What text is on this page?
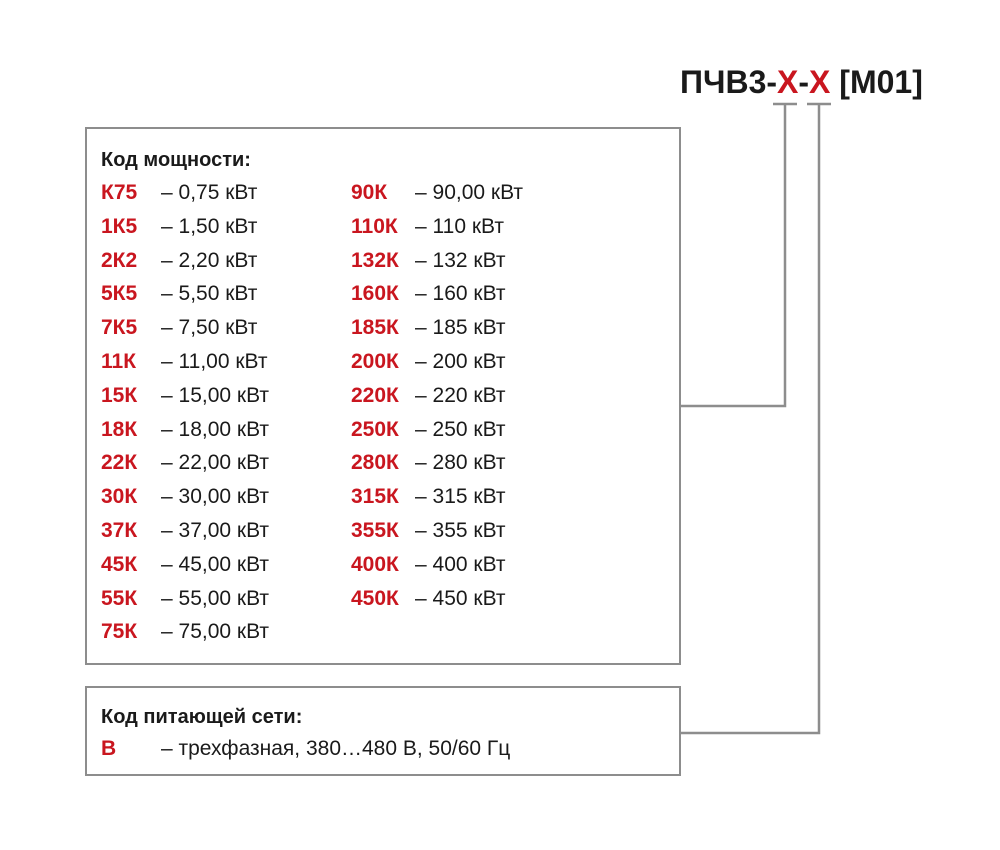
ПЧВ3-Х-Х [М01]
Код мощности:
К75 – 0,75 кВт
1К5 – 1,50 кВт
2К2 – 2,20 кВт
5К5 – 5,50 кВт
7К5 – 7,50 кВт
11К – 11,00 кВт
15К – 15,00 кВт
18К – 18,00 кВт
22К – 22,00 кВт
30К – 30,00 кВт
37К – 37,00 кВт
45К – 45,00 кВт
55К – 55,00 кВт
75К – 75,00 кВт
90К – 90,00 кВт
110К – 110 кВт
132К – 132 кВт
160К – 160 кВт
185К – 185 кВт
200К – 200 кВт
220К – 220 кВт
250К – 250 кВт
280К – 280 кВт
315К – 315 кВт
355К – 355 кВт
400К – 400 кВт
450К – 450 кВт
Код питающей сети:
В – трехфазная, 380…480 В, 50/60 Гц
